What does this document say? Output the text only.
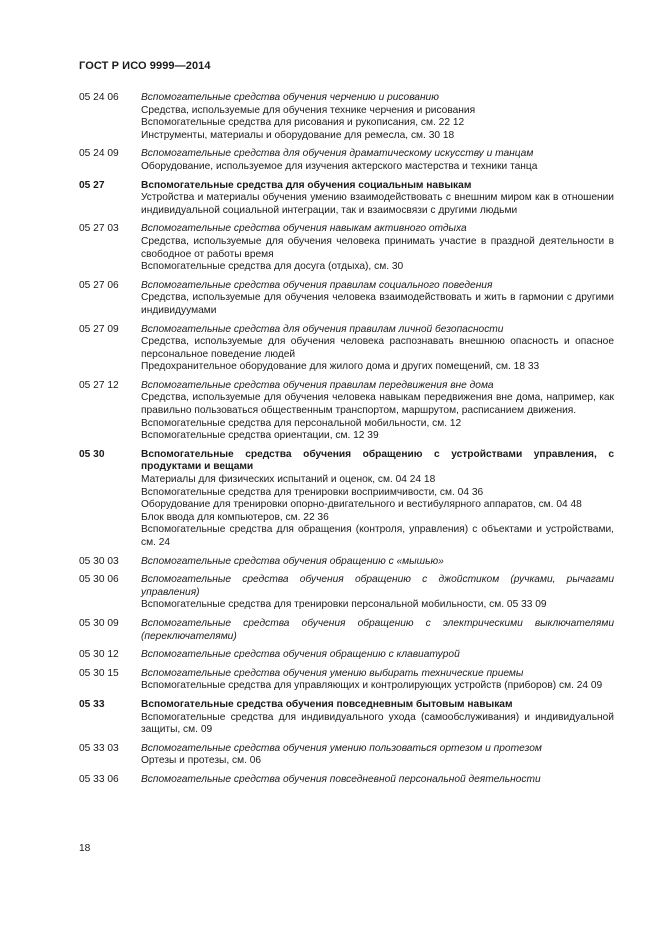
ГОСТ Р ИСО 9999—2014
05 24 06	Вспомогательные средства обучения черчению и рисованию
Средства, используемые для обучения технике черчения и рисования
Вспомогательные средства для рисования и рукописания, см. 22 12
Инструменты, материалы и оборудование для ремесла, см. 30 18
05 24 09	Вспомогательные средства для обучения драматическому искусству и танцам
Оборудование, используемое для изучения актерского мастерства и техники танца
05 27	Вспомогательные средства для обучения социальным навыкам
Устройства и материалы обучения умению взаимодействовать с внешним миром как в отношении индивидуальной социальной интеграции, так и взаимосвязи с другими людьми
05 27 03	Вспомогательные средства обучения навыкам активного отдыха
Средства, используемые для обучения человека принимать участие в праздной деятельности в свободное от работы время
Вспомогательные средства для досуга (отдыха), см. 30
05 27 06	Вспомогательные средства обучения правилам социального поведения
Средства, используемые для обучения человека взаимодействовать и жить в гармонии с другими индивидуумами
05 27 09	Вспомогательные средства для обучения правилам личной безопасности
Средства, используемые для обучения человека распознавать внешнюю опасность и опасное персональное поведение людей
Предохранительное оборудование для жилого дома и других помещений, см. 18 33
05 27 12	Вспомогательные средства обучения правилам передвижения вне дома
Средства, используемые для обучения человека навыкам передвижения вне дома, например, как правильно пользоваться общественным транспортом, маршрутом, расписанием движения.
Вспомогательные средства для персональной мобильности, см. 12
Вспомогательные средства ориентации, см. 12 39
05 30	Вспомогательные средства обучения обращению с устройствами управления, с продуктами и вещами
Материалы для физических испытаний и оценок, см. 04 24 18
Вспомогательные средства для тренировки восприимчивости, см. 04 36
Оборудование для тренировки опорно-двигательного и вестибулярного аппаратов, см. 04 48
Блок ввода для компьютеров, см. 22 36
Вспомогательные средства для обращения (контроля, управления) с объектами и устройствами, см. 24
05 30 03	Вспомогательные средства обучения обращению с «мышью»
05 30 06	Вспомогательные средства обучения обращению с джойстиком (ручками, рычагами управления)
Вспомогательные средства для тренировки персональной мобильности, см. 05 33 09
05 30 09	Вспомогательные средства обучения обращению с электрическими выключателями (переключателями)
05 30 12	Вспомогательные средства обучения обращению с клавиатурой
05 30 15	Вспомогательные средства обучения умению выбирать технические приемы
Вспомогательные средства для управляющих и контролирующих устройств (приборов) см. 24 09
05 33	Вспомогательные средства обучения повседневным бытовым навыкам
Вспомогательные средства для индивидуального ухода (самообслуживания) и индивидуальной защиты, см. 09
05 33 03	Вспомогательные средства обучения умению пользоваться ортезом и протезом
Ортезы и протезы, см. 06
05 33 06	Вспомогательные средства обучения повседневной персональной деятельности
18
